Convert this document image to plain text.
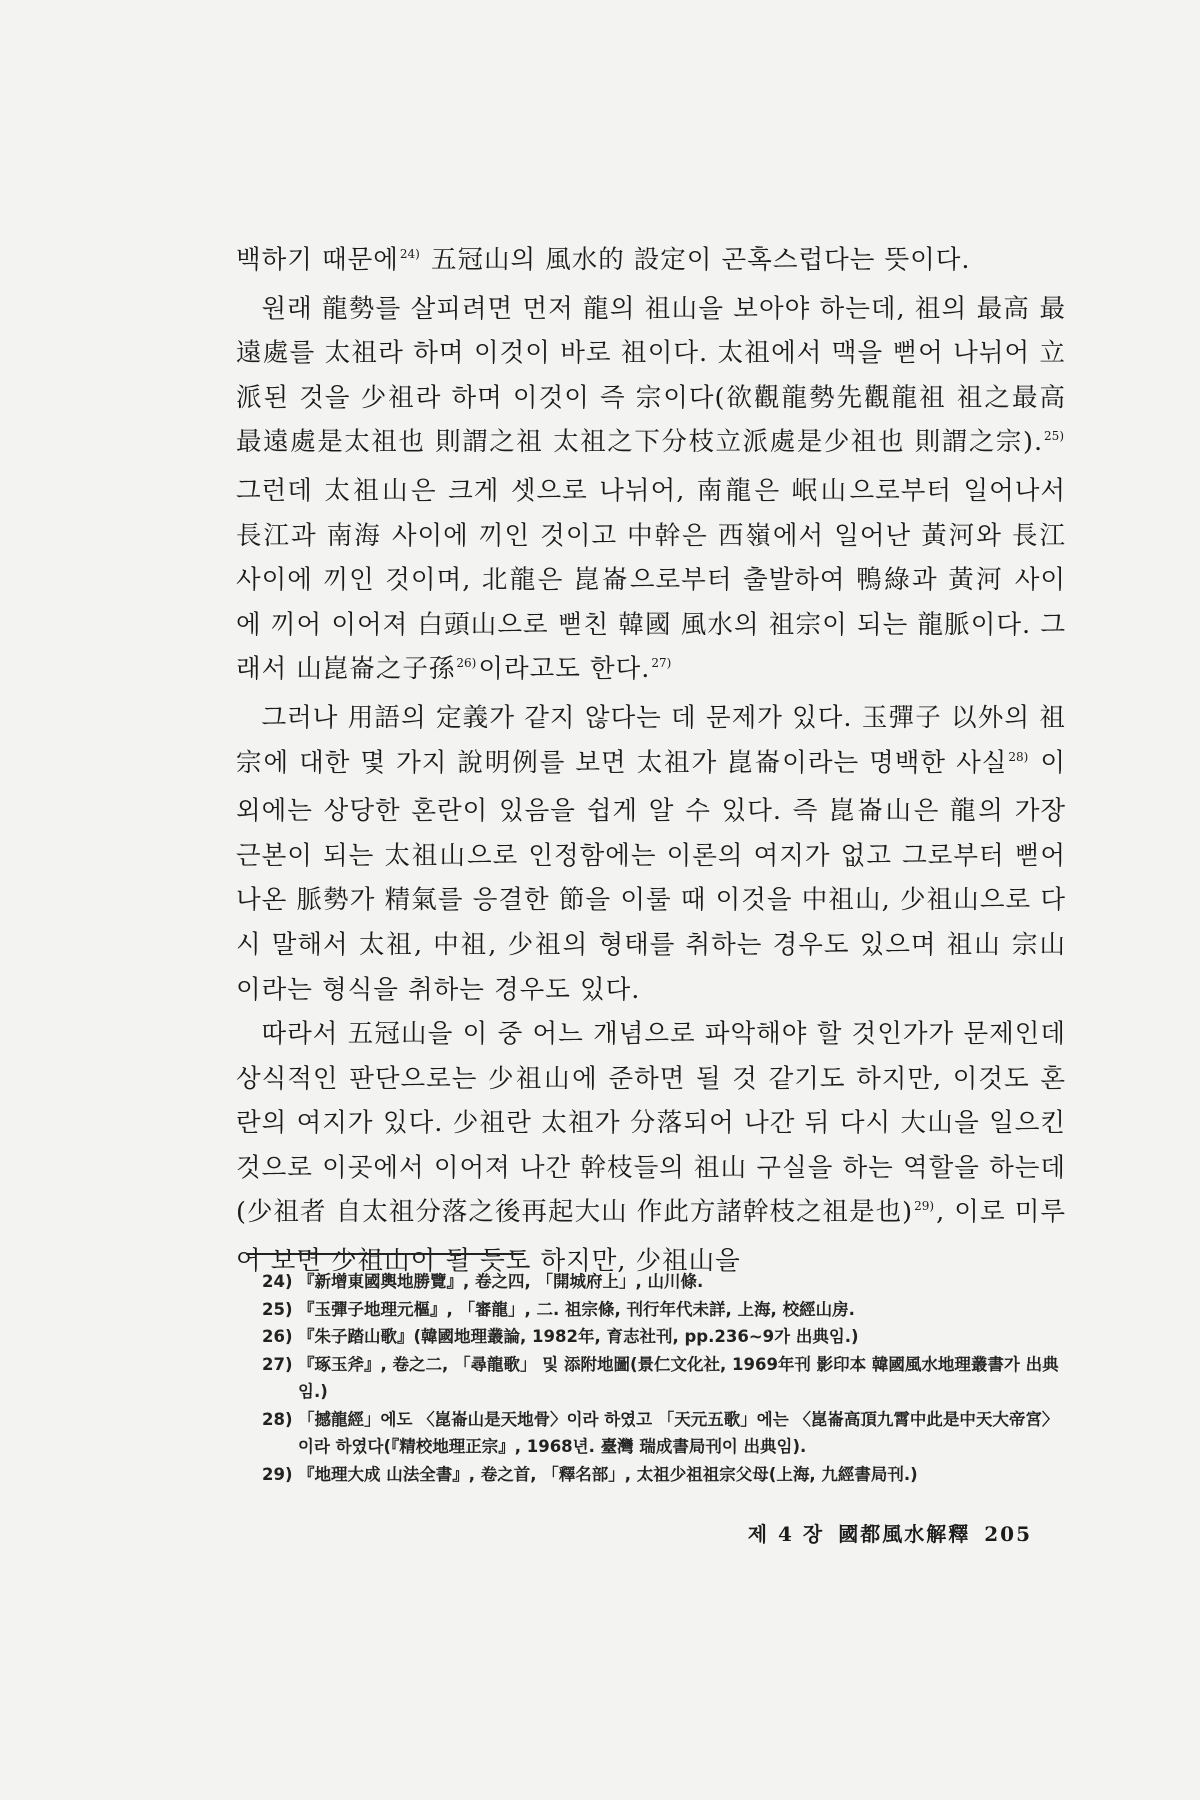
백하기 때문에$^{24)}$ 五冠山의 風水的 設定이 곤혹스럽다는 뜻이다.

원래 龍勢를 살피려면 먼저 龍의 祖山을 보아야 하는데, 祖의 最高 最遠處를 太祖라 하며 이것이 바로 祖이다. 太祖에서 맥을 뻗어 나뉘어 立派된 것을 少祖라 하며 이것이 즉 宗이다(欲觀龍勢先觀龍祖 祖之最高最遠處是太祖也 則謂之祖 太祖之下分枝立派處是少祖也 則謂之宗).$^{25)}$ 그런데 太祖山은 크게 셋으로 나뉘어, 南龍은 岷山으로부터 일어나서 長江과 南海 사이에 끼인 것이고 中幹은 西嶺에서 일어난 黃河와 長江 사이에 끼인 것이며, 北龍은 崑崙으로부터 출발하여 鴨綠과 黃河 사이에 끼어 이어져 白頭山으로 뻗친 韓國 風水의 祖宗이 되는 龍脈이다. 그래서 山崑崙之子孫$^{26)}$이라고도 한다.$^{27)}$

그러나 用語의 定義가 같지 않다는 데 문제가 있다. 玉彈子 以外의 祖宗에 대한 몇 가지 說明例를 보면 太祖가 崑崙이라는 명백한 사실$^{28)}$ 이외에는 상당한 혼란이 있음을 쉽게 알 수 있다. 즉 崑崙山은 龍의 가장 근본이 되는 太祖山으로 인정함에는 이론의 여지가 없고 그로부터 뻗어 나온 脈勢가 精氣를 응결한 節을 이룰 때 이것을 中祖山, 少祖山으로 다시 말해서 太祖, 中祖, 少祖의 형태를 취하는 경우도 있으며 祖山 宗山이라는 형식을 취하는 경우도 있다.

따라서 五冠山을 이 중 어느 개념으로 파악해야 할 것인가가 문제인데 상식적인 판단으로는 少祖山에 준하면 될 것 같기도 하지만, 이것도 혼란의 여지가 있다. 少祖란 太祖가 分落되어 나간 뒤 다시 大山을 일으킨 것으로 이곳에서 이어져 나간 幹枝들의 祖山 구실을 하는 역할을 하는데(少祖者 自太祖分落之後再起大山 作此方諸幹枝之祖是也)$^{29)}$, 이로 미루어 보면 少祖山이 될 듯도 하지만, 少祖山을

24) 『新增東國輿地勝覽』, 卷之四, 「開城府上」, 山川條.
25) 『玉彈子地理元樞』, 「審龍」, 二. 祖宗條, 刊行年代未詳, 上海, 校經山房.
26) 『朱子踏山歌』(韓國地理叢論, 1982年, 育志社刊, pp.236∼9가 出典임.)
27) 『琢玉斧』, 卷之二, 「尋龍歌」 및 添附地圖(景仁文化社, 1969年刊 影印本 韓國風水地理叢書가 出典임.)
28) 「撼龍經」에도 〈崑崙山是天地骨〉이라 하였고 「天元五歌」에는 〈崑崙高頂九霄中此是中天大帝宮〉이라 하였다(『精校地理正宗』, 1968년. 臺灣 瑞成書局刊이 出典임).
29) 『地理大成 山法全書』, 卷之首, 「釋名部」, 太祖少祖祖宗父母(上海, 九經書局刊.)
제 4 장 國都風水解釋 205
